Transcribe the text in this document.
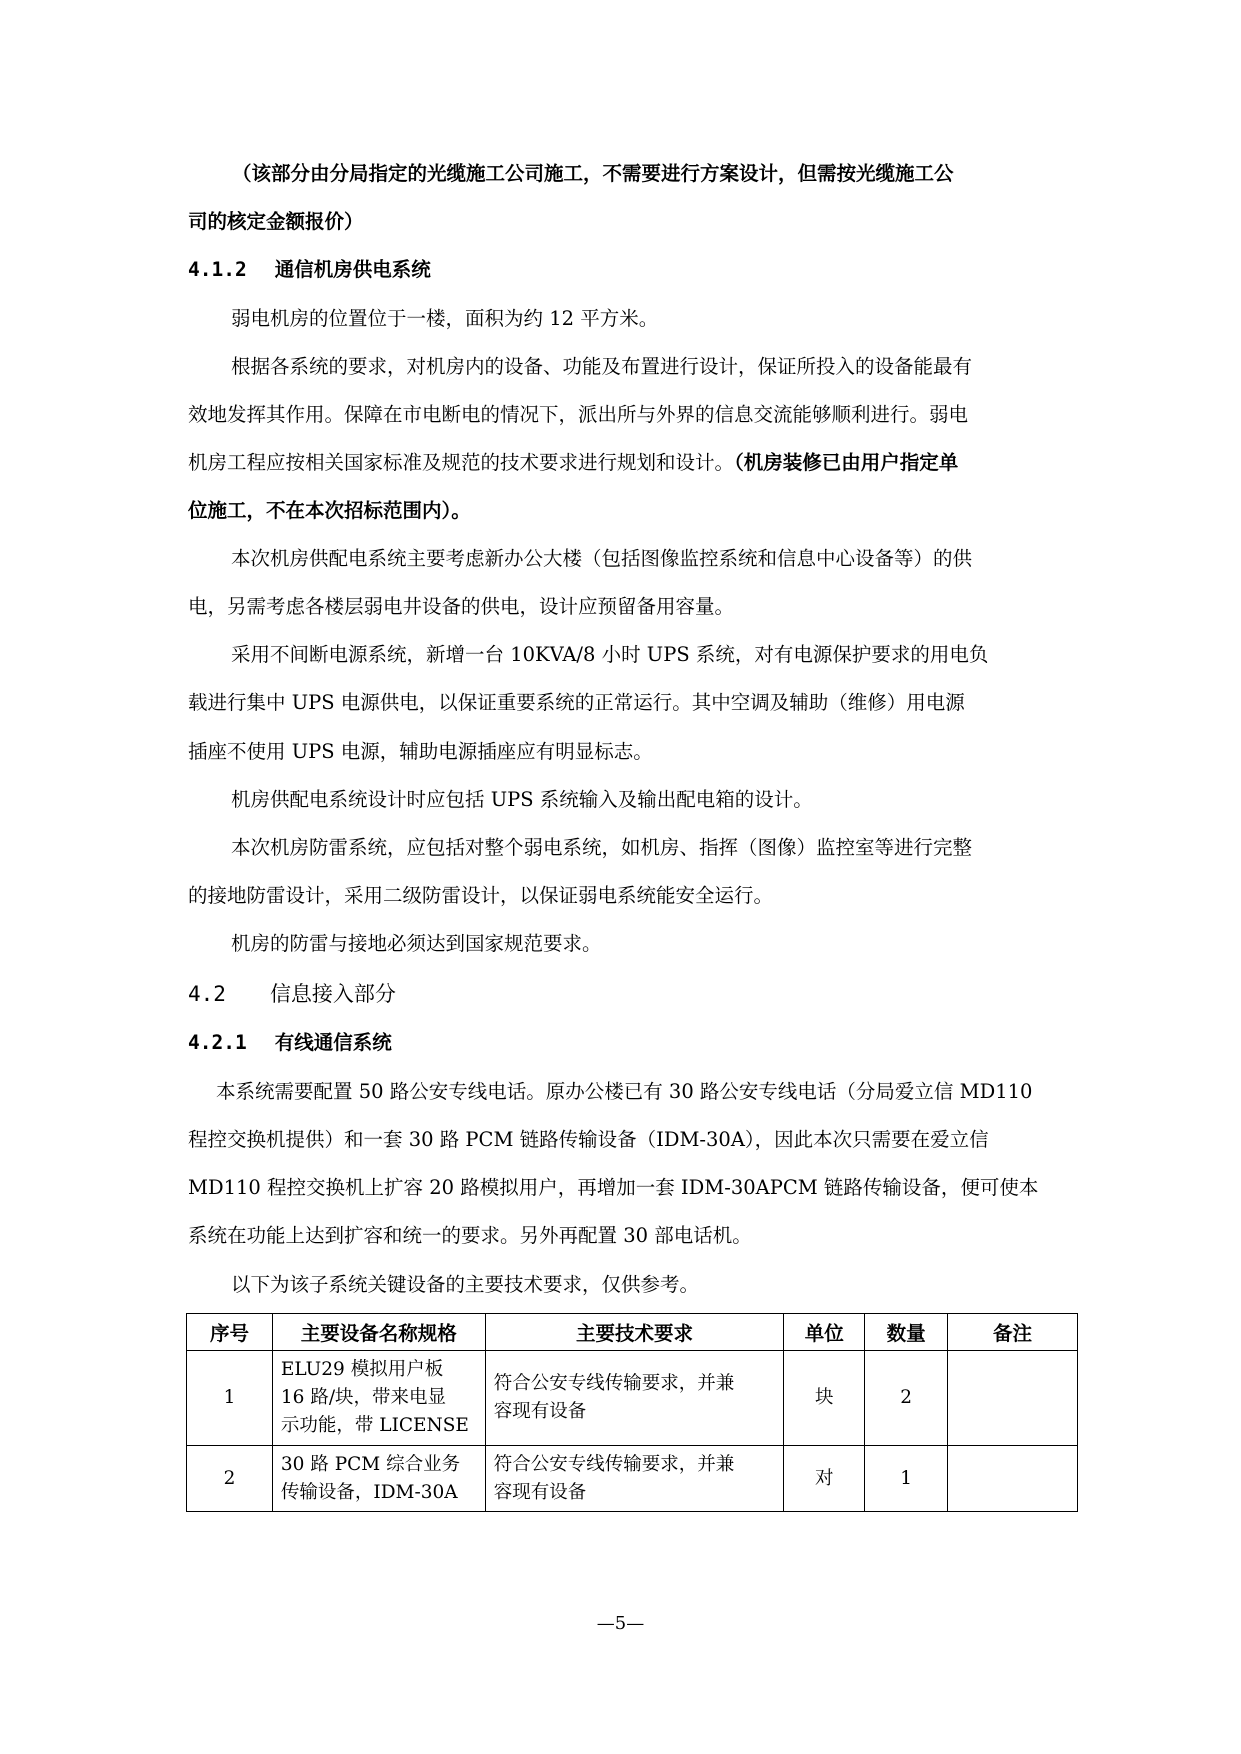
（该部分由分局指定的光缆施工公司施工，不需要进行方案设计，但需按光缆施工公
司的核定金额报价）
4.1.2 通信机房供电系统
弱电机房的位置位于一楼，面积为约 12 平方米。
根据各系统的要求，对机房内的设备、功能及布置进行设计，保证所投入的设备能最有
效地发挥其作用。保障在市电断电的情况下，派出所与外界的信息交流能够顺利进行。弱电
机房工程应按相关国家标准及规范的技术要求进行规划和设计。（机房装修已由用户指定单
位施工，不在本次招标范围内）。
本次机房供配电系统主要考虑新办公大楼（包括图像监控系统和信息中心设备等）的供
电，另需考虑各楼层弱电井设备的供电，设计应预留备用容量。
采用不间断电源系统，新增一台 10KVA/8 小时 UPS 系统，对有电源保护要求的用电负
载进行集中 UPS 电源供电，以保证重要系统的正常运行。其中空调及辅助（维修）用电源
插座不使用 UPS 电源，辅助电源插座应有明显标志。
机房供配电系统设计时应包括 UPS 系统输入及输出配电箱的设计。
本次机房防雷系统，应包括对整个弱电系统，如机房、指挥（图像）监控室等进行完整
的接地防雷设计，采用二级防雷设计，以保证弱电系统能安全运行。
机房的防雷与接地必须达到国家规范要求。
4.2 信息接入部分
4.2.1 有线通信系统
本系统需要配置 50 路公安专线电话。原办公楼已有 30 路公安专线电话（分局爱立信 MD110
程控交换机提供）和一套 30 路 PCM 链路传输设备（IDM-30A），因此本次只需要在爱立信
MD110 程控交换机上扩容 20 路模拟用户，再增加一套 IDM-30APCM 链路传输设备，便可使本
系统在功能上达到扩容和统一的要求。另外再配置 30 部电话机。
以下为该子系统关键设备的主要技术要求，仅供参考。
序号	主要设备名称规格	主要技术要求	单位	数量	备注
1	ELU29 模拟用户板
16 路/块，带来电显
示功能，带 LICENSE	符合公安专线传输要求，并兼
容现有设备	块	2	
2	30 路 PCM 综合业务
传输设备，IDM-30A	符合公安专线传输要求，并兼
容现有设备	对	1	
—5—
